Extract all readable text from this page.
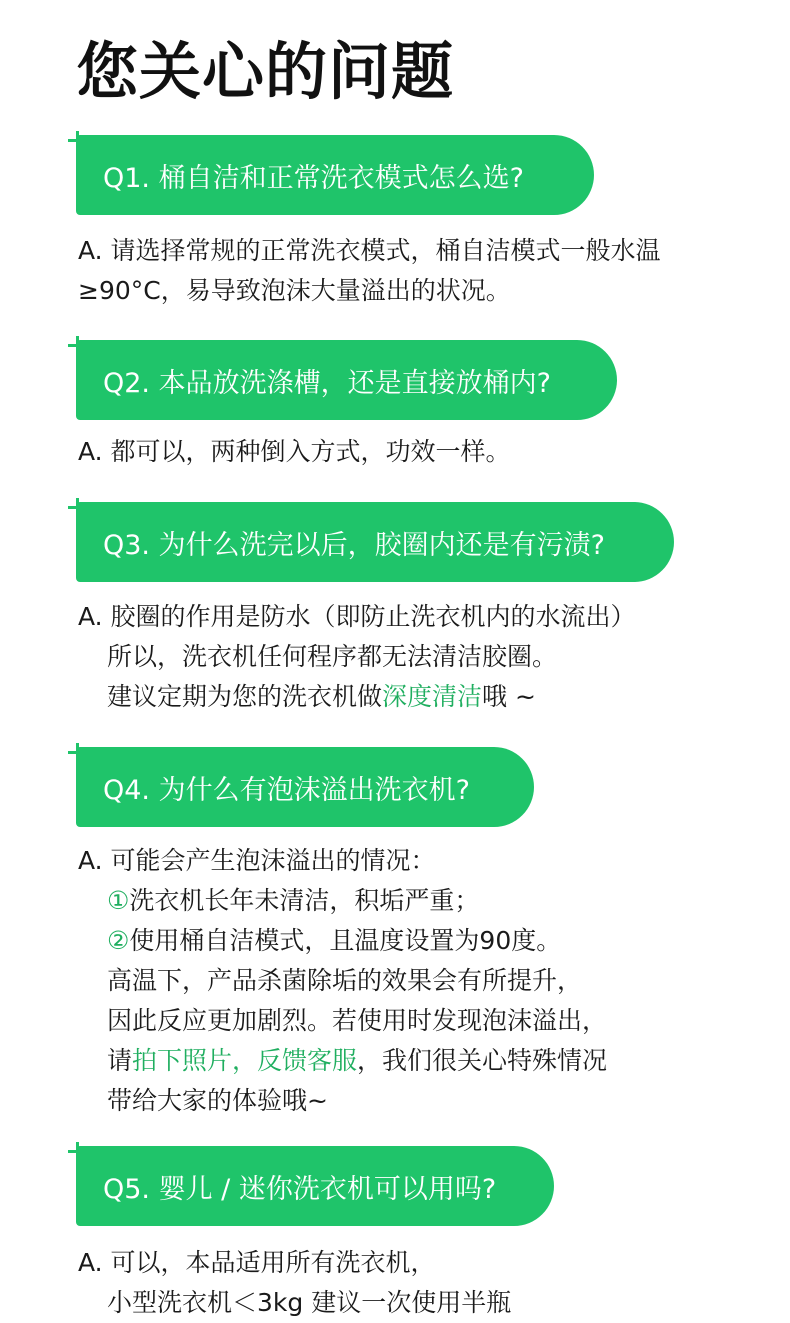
您关心的问题
Q1. 桶自洁和正常洗衣模式怎么选?
A. 请选择常规的正常洗衣模式，桶自洁模式一般水温
≥90°C，易导致泡沫大量溢出的状况。
Q2. 本品放洗涤槽，还是直接放桶内?
A. 都可以，两种倒入方式，功效一样。
Q3. 为什么洗完以后，胶圈内还是有污渍?
A. 胶圈的作用是防水（即防止洗衣机内的水流出）
所以，洗衣机任何程序都无法清洁胶圈。
建议定期为您的洗衣机做深度清洁哦 ~
Q4. 为什么有泡沫溢出洗衣机?
A. 可能会产生泡沫溢出的情况：
①洗衣机长年未清洁，积垢严重；
②使用桶自洁模式，且温度设置为90度。
高温下，产品杀菌除垢的效果会有所提升，
因此反应更加剧烈。若使用时发现泡沫溢出，
请拍下照片，反馈客服，我们很关心特殊情况
带给大家的体验哦~
Q5. 婴儿 / 迷你洗衣机可以用吗?
A. 可以，本品适用所有洗衣机，
小型洗衣机＜3kg 建议一次使用半瓶
